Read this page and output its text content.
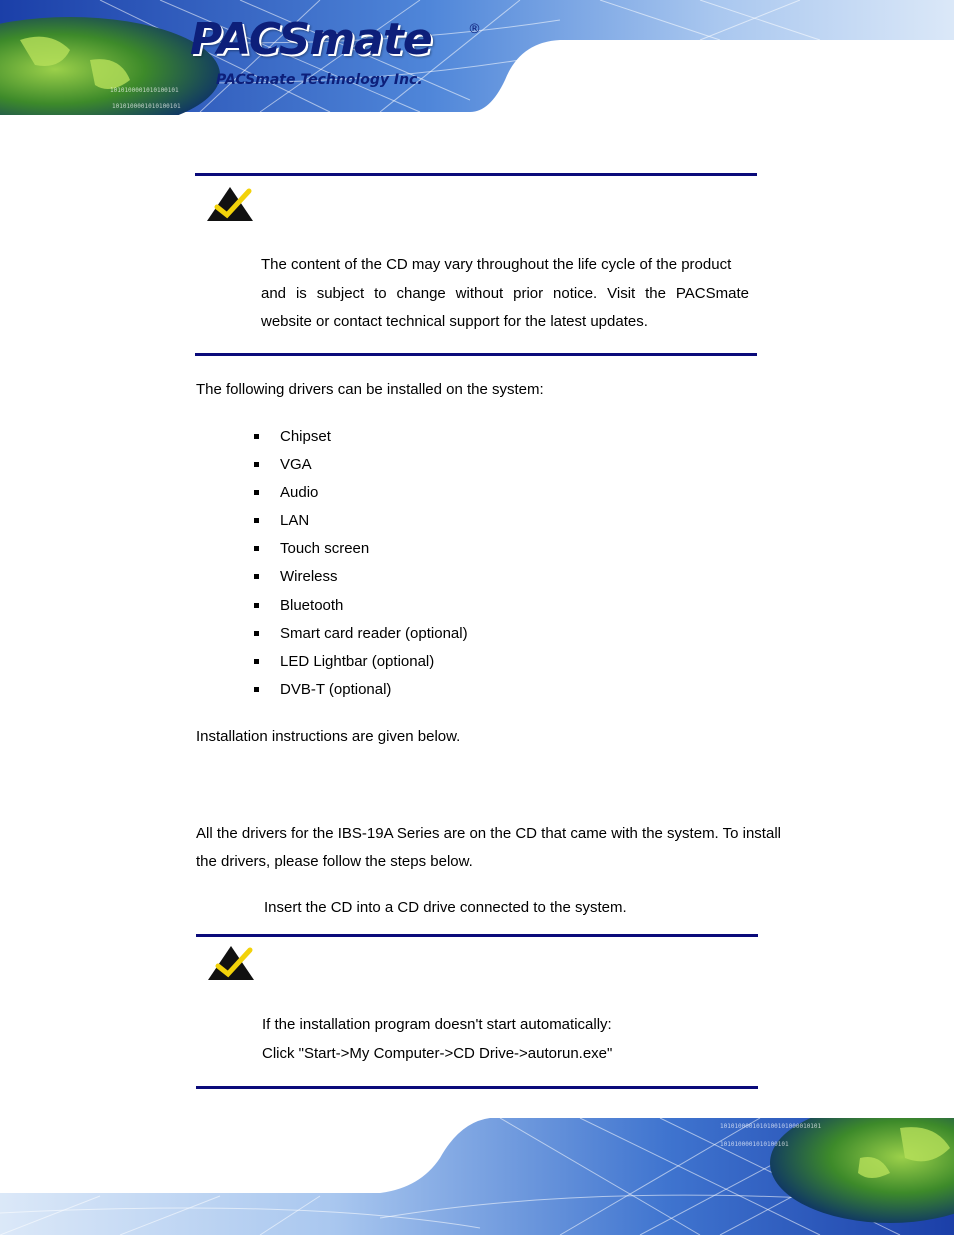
1010100001010100101
1010100001010100101
PACSmate	®
PACSmate Technology Inc.
The content of the CD may vary throughout the life cycle of the product
and is subject to change without prior notice. Visit the PACSmate
website or contact technical support for the latest updates.
The following drivers can be installed on the system:
Chipset
VGA
Audio
LAN
Touch screen
Wireless
Bluetooth
Smart card reader (optional)
LED Lightbar (optional)
DVB-T (optional)
Installation instructions are given below.
All the drivers for the IBS-19A Series are on the CD that came with the system. To install
the drivers, please follow the steps below.
Insert the CD into a CD drive connected to the system.
If the installation program doesn't start automatically:
Click "Start->My Computer->CD Drive->autorun.exe"
1010100001010100101000010101
1010100001010100101
